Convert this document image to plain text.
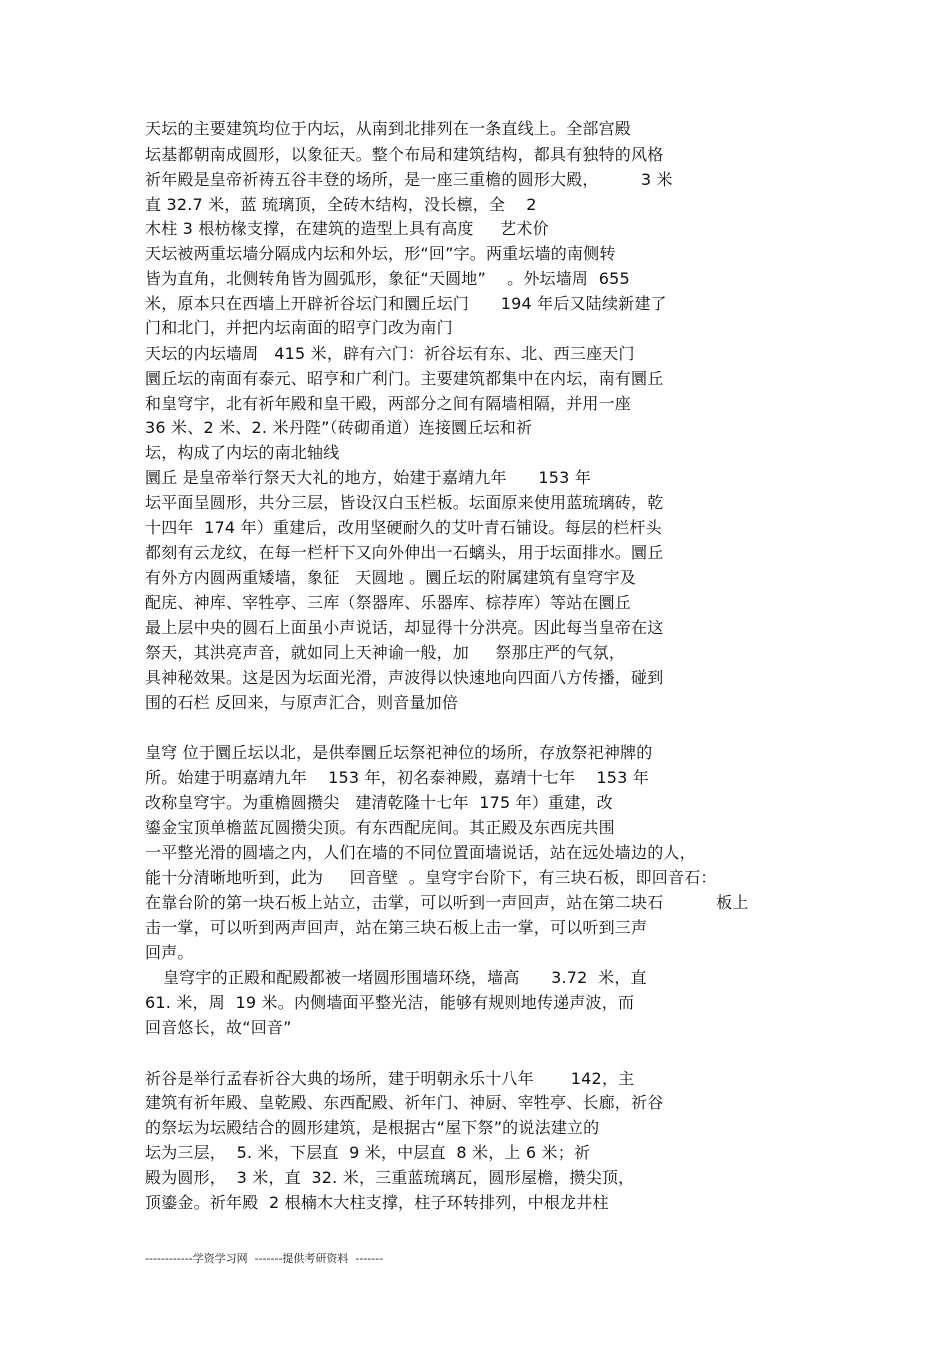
天坛的主要建筑均位于内坛，从南到北排列在一条直线上。全部宫殿
坛基都朝南成圆形，以象征天。整个布局和建筑结构，都具有独特的风格
祈年殿是皇帝祈祷五谷丰登的场所，是一座三重檐的圆形大殿，        3 米
直 32.7 米，蓝 琉璃顶，全砖木结构，没长檩，全    2
木柱 3 根枋椽支撑，在建筑的造型上具有高度     艺术价
天坛被两重坛墙分隔成内坛和外坛，形“回”字。两重坛墙的南侧转
皆为直角，北侧转角皆为圆弧形，象征“天圆地”    。外坛墙周  655
米，原本只在西墙上开辟祈谷坛门和圜丘坛门      194 年后又陆续新建了
门和北门，并把内坛南面的昭亨门改为南门
天坛的内坛墙周   415 米，辟有六门：祈谷坛有东、北、西三座天门
圜丘坛的南面有泰元、昭亨和广利门。主要建筑都集中在内坛，南有圜丘
和皇穹宇，北有祈年殿和皇干殿，两部分之间有隔墙相隔，并用一座
36 米、2 米、2. 米丹陛”（砖砌甬道）连接圜丘坛和祈
坛，构成了内坛的南北轴线
圜丘 是皇帝举行祭天大礼的地方，始建于嘉靖九年      153 年
坛平面呈圆形，共分三层，皆设汉白玉栏板。坛面原来使用蓝琉璃砖，乾
十四年  174 年）重建后，改用坚硬耐久的艾叶青石铺设。每层的栏杆头
都刻有云龙纹，在每一栏杆下又向外伸出一石螭头，用于坛面排水。圜丘
有外方内圆两重矮墙，象征   天圆地 。圜丘坛的附属建筑有皇穹宇及
配庑、神库、宰牲亭、三库（祭器库、乐器库、棕荐库）等站在圜丘
最上层中央的圆石上面虽小声说话，却显得十分洪亮。因此每当皇帝在这
祭天，其洪亮声音，就如同上天神谕一般，加     祭那庄严的气氛，
具神秘效果。这是因为坛面光滑，声波得以快速地向四面八方传播，碰到
围的石栏 反回来，与原声汇合，则音量加倍
皇穹 位于圜丘坛以北，是供奉圜丘坛祭祀神位的场所，存放祭祀神牌的
所。始建于明嘉靖九年    153 年，初名泰神殿，嘉靖十七年    153 年
改称皇穹宇。为重檐圆攒尖   建清乾隆十七年  175 年）重建，改
鎏金宝顶单檐蓝瓦圆攒尖顶。有东西配庑间。其正殿及东西庑共围
一平整光滑的圆墙之内，人们在墙的不同位置面墙说话，站在远处墙边的人，
能十分清晰地听到，此为     回音壁  。皇穹宇台阶下，有三块石板，即回音石：
在靠台阶的第一块石板上站立，击掌，可以听到一声回声，站在第二块石          板上
击一掌，可以听到两声回声，站在第三块石板上击一掌，可以听到三声
回声。
皇穹宇的正殿和配殿都被一堵圆形围墙环绕，墙高      3.72  米，直
61. 米，周  19 米。内侧墙面平整光洁，能够有规则地传递声波，而
回音悠长，故“回音”
祈谷是举行孟春祈谷大典的场所，建于明朝永乐十八年       142，主
建筑有祈年殿、皇乾殿、东西配殿、祈年门、神厨、宰牲亭、长廊，祈谷
的祭坛为坛殿结合的圆形建筑，是根据古“屋下祭”的说法建立的
坛为三层，  5. 米，下层直  9 米，中层直  8 米，上 6 米；祈
殿为圆形，  3 米，直  32. 米，三重蓝琉璃瓦，圆形屋檐，攒尖顶，
顶鎏金。祈年殿  2 根楠木大柱支撑，柱子环转排列，中根龙井柱
------------学资学习网  -------提供考研资料  -------
